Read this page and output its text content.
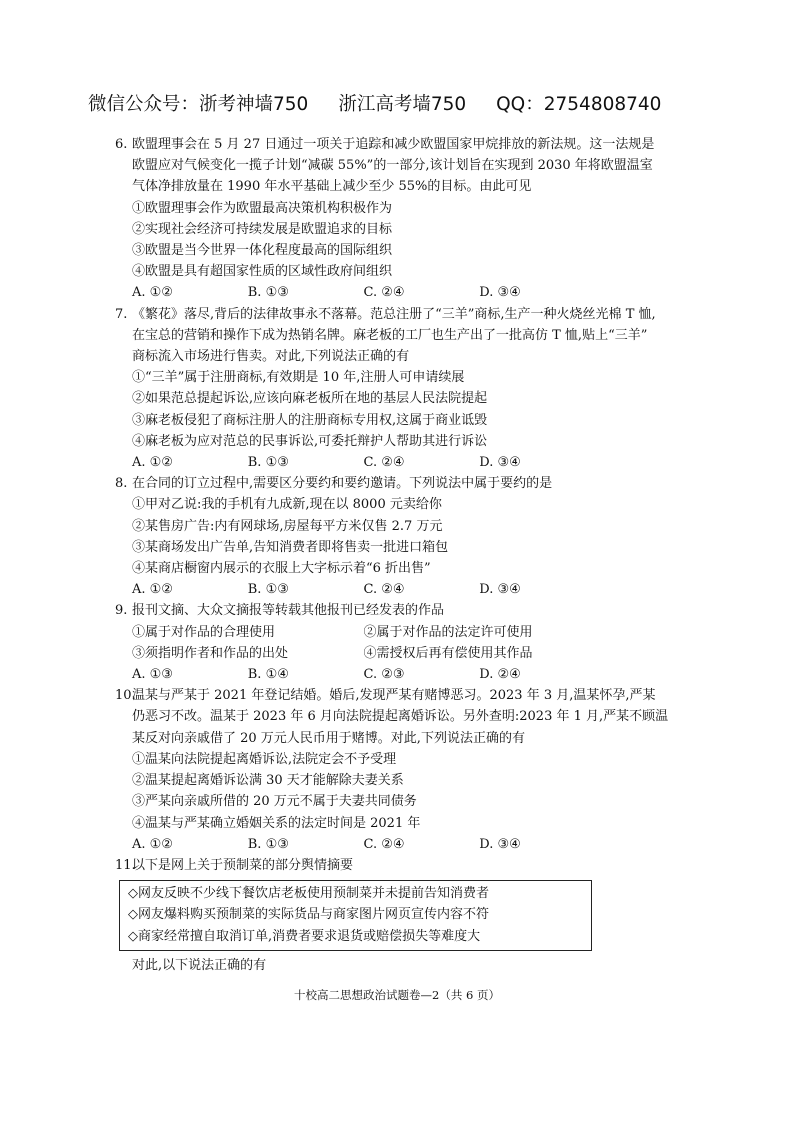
微信公众号：浙考神墙750 浙江高考墙750 QQ：2754808740
6. 欧盟理事会在 5 月 27 日通过一项关于追踪和减少欧盟国家甲烷排放的新法规。这一法规是
欧盟应对气候变化一揽子计划“减碳 55%”的一部分,该计划旨在实现到 2030 年将欧盟温室
气体净排放量在 1990 年水平基础上减少至少 55%的目标。由此可见
①欧盟理事会作为欧盟最高决策机构积极作为
②实现社会经济可持续发展是欧盟追求的目标
③欧盟是当今世界一体化程度最高的国际组织
④欧盟是具有超国家性质的区域性政府间组织
A. ①②	B. ①③	C. ②④	D. ③④
7. 《繁花》落尽,背后的法律故事永不落幕。范总注册了“三羊”商标,生产一种火烧丝光棉 T 恤,
在宝总的营销和操作下成为热销名牌。麻老板的工厂也生产出了一批高仿 T 恤,贴上“三羊”
商标流入市场进行售卖。对此,下列说法正确的有
①“三羊”属于注册商标,有效期是 10 年,注册人可申请续展
②如果范总提起诉讼,应该向麻老板所在地的基层人民法院提起
③麻老板侵犯了商标注册人的注册商标专用权,这属于商业诋毁
④麻老板为应对范总的民事诉讼,可委托辩护人帮助其进行诉讼
A. ①②	B. ①③	C. ②④	D. ③④
8. 在合同的订立过程中,需要区分要约和要约邀请。下列说法中属于要约的是
①甲对乙说:我的手机有九成新,现在以 8000 元卖给你
②某售房广告:内有网球场,房屋每平方米仅售 2.7 万元
③某商场发出广告单,告知消费者即将售卖一批进口箱包
④某商店橱窗内展示的衣服上大字标示着“6 折出售”
A. ①②	B. ①③	C. ②④	D. ③④
9. 报刊文摘、大众文摘报等转载其他报刊已经发表的作品
①属于对作品的合理使用	②属于对作品的法定许可使用
③须指明作者和作品的出处	④需授权后再有偿使用其作品
A. ①③	B. ①④	C. ②③	D. ②④
10.
温某与严某于 2021 年登记结婚。婚后,发现严某有赌博恶习。2023 年 3 月,温某怀孕,严某
仍恶习不改。温某于 2023 年 6 月向法院提起离婚诉讼。另外查明:2023 年 1 月,严某不顾温
某反对向亲戚借了 20 万元人民币用于赌博。对此,下列说法正确的有
①温某向法院提起离婚诉讼,法院定会不予受理
②温某提起离婚诉讼满 30 天才能解除夫妻关系
③严某向亲戚所借的 20 万元不属于夫妻共同债务
④温某与严某确立婚姻关系的法定时间是 2021 年
A. ①②	B. ①③	C. ②④	D. ③④
11.
以下是网上关于预制菜的部分舆情摘要
◇网友反映不少线下餐饮店老板使用预制菜并未提前告知消费者
◇网友爆料购买预制菜的实际货品与商家图片网页宣传内容不符
◇商家经常擅自取消订单,消费者要求退货或赔偿损失等难度大
对此,以下说法正确的有
十校高二思想政治试题卷—2（共 6 页）
